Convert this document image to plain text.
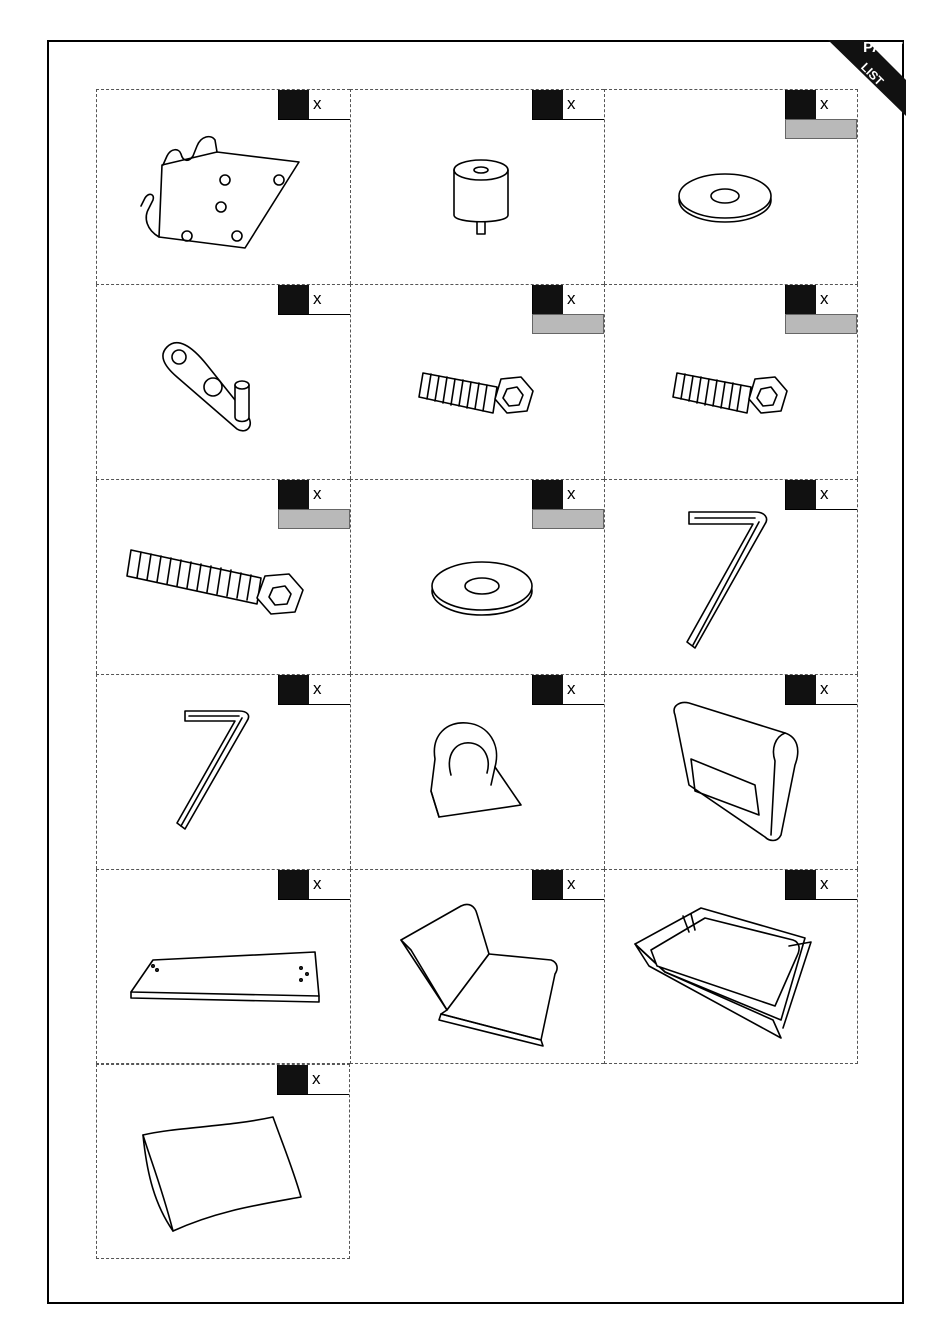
PART
LIST
x	x	x
x	x	x
x	x	x
x	x	x
x	x	x
x
